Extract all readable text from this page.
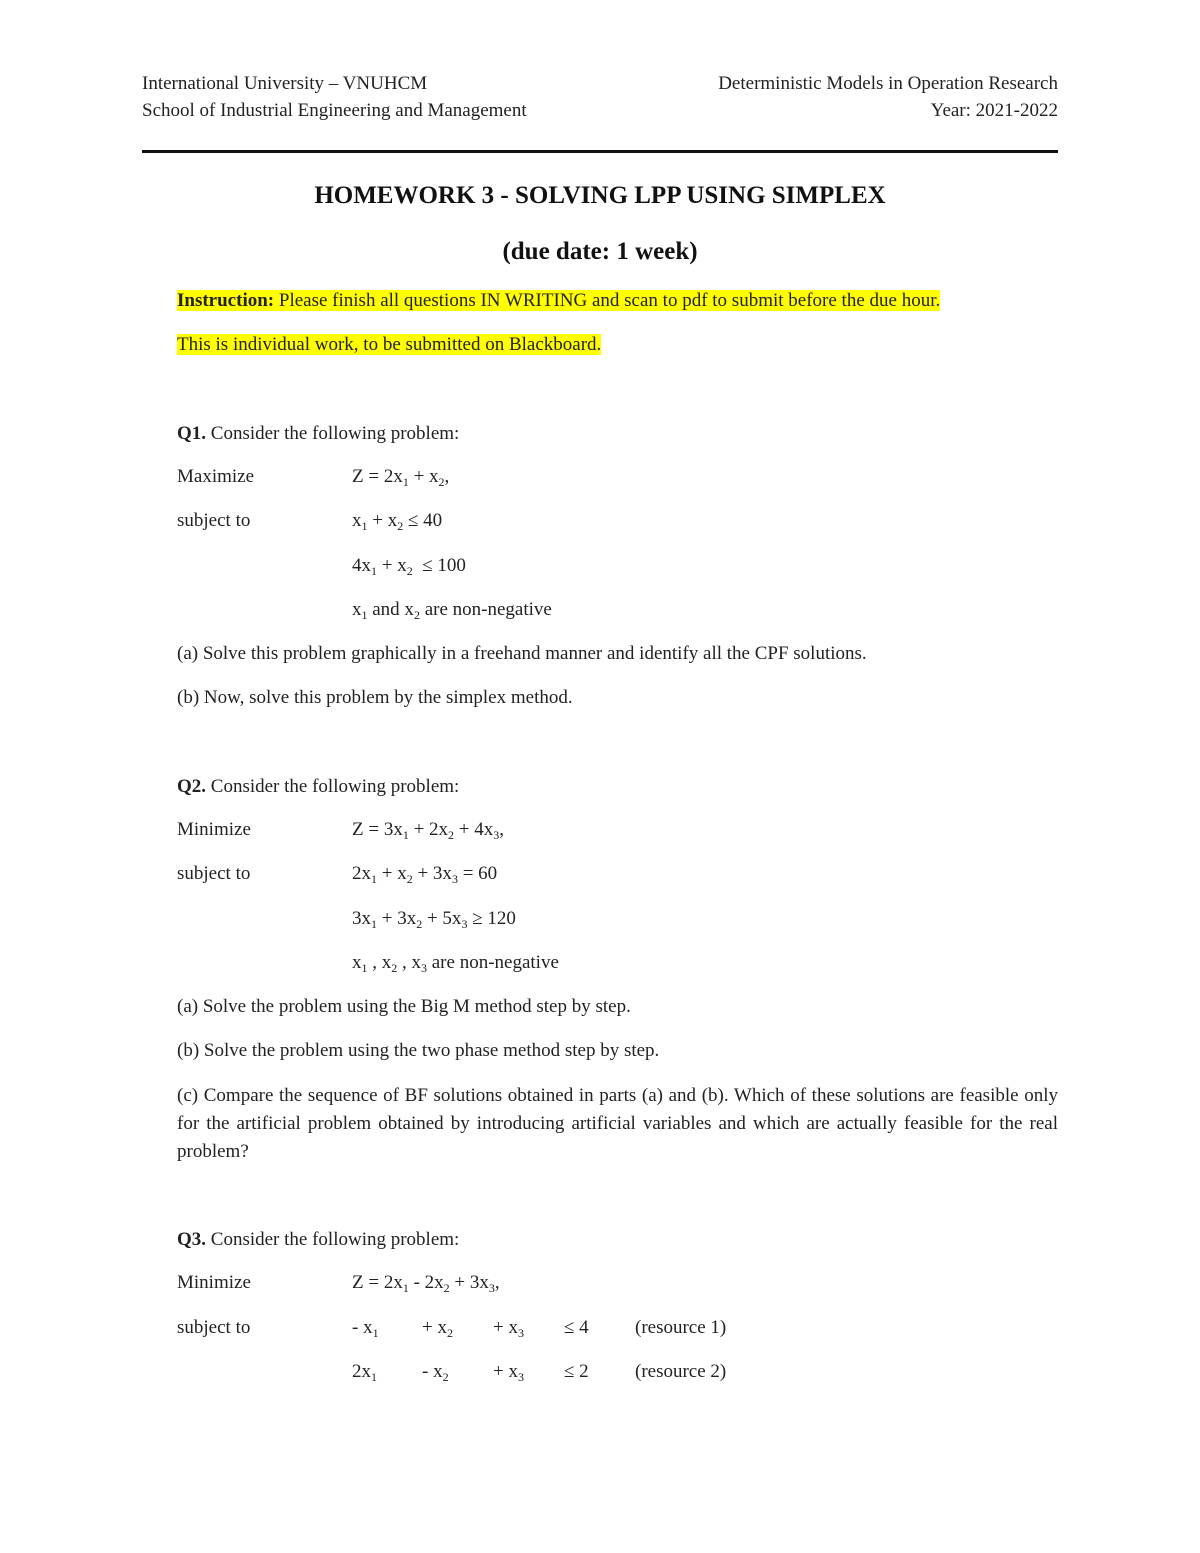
International University – VNUHCM
School of Industrial Engineering and Management
Deterministic Models in Operation Research
Year: 2021-2022
HOMEWORK 3 - SOLVING LPP USING SIMPLEX
(due date: 1 week)
Instruction: Please finish all questions IN WRITING and scan to pdf to submit before the due hour.
This is individual work, to be submitted on Blackboard.
Q1. Consider the following problem:
Maximize	$Z = 2x_1 + x_2$,
subject to	$x_1 + x_2 \le 40$
$4x_1 + x_2 \le 100$
$x_1$ and $x_2$ are non-negative
(a) Solve this problem graphically in a freehand manner and identify all the CPF solutions.
(b) Now, solve this problem by the simplex method.
Q2. Consider the following problem:
Minimize	$Z = 3x_1 + 2x_2 + 4x_3$,
subject to	$2x_1 + x_2 + 3x_3 = 60$
$3x_1 + 3x_2 + 5x_3 \ge 120$
$x_1$ , $x_2$ , $x_3$ are non-negative
(a) Solve the problem using the Big M method step by step.
(b) Solve the problem using the two phase method step by step.
(c) Compare the sequence of BF solutions obtained in parts (a) and (b). Which of these solutions are feasible only for the artificial problem obtained by introducing artificial variables and which are actually feasible for the real problem?
Q3. Consider the following problem:
Minimize	$Z = 2x_1 - 2x_2 + 3x_3$,
subject to	- $x_1 + x_2 + x_3 \le 4$ (resource 1)
$2x_1 - x_2 + x_3 \le 2$ (resource 2)
